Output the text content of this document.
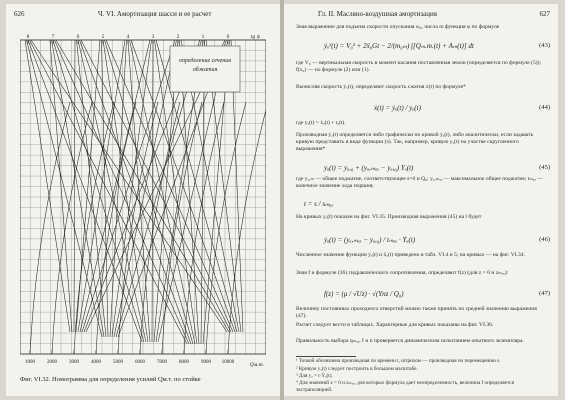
626	Ч. VI. Амортизация шасси и ее расчет
определение сечения
обжатия
8	7	6	5	4	3	2	1	0
1000 2000 3000 4000 5000 6000 7000 8000 9000 10000
tg ψ
Qм.т.
Фиг. VI.32. Номограмма для определения усилий Qм.т. по стойке
Гл. II. Масляно-воздушная амортизация	627
Зная выражение для подъема скорости опускания ω₀, числа m функция φ по формуле
ẏₐ²(t) = V₀² + 2ẍ₀Gt − 2/(m₀ₘ) ∫[Qₘ.т.(t) + Aₘ(t)] dt	(43)
где V₀ — вертикальная скорость в момент касания поставленная земли (определяется по формуле (5)); f(x₀) — по формуле (2) или (1).
Вычисляя скорость ẏₐ(t), определяют скорость сжатия ẋ(t) по формуле*
ẋ(t) = ẏₐ(t) / yₐ(t)	(44)
где yₐ(t) = ẋₐ(t) + tₐ(t).
Производная ẏₐ(t) определяется либо графически по кривой ẏₐ(t), либо аналитически, если задавать кривую представить в виде функции (з). Так, например, кривую yₐ(t) на участке скругленного выражения*
yₐ(t) = yₐ,₀ + (yₐ,ₘₐₓ − yₐ,₀) Yₐ(t)	(45)
где yₐ,ₘ — общее поджатие, соответствующее s=0 и Q₀; yₐ,ₘₐₓ — максимальное общее поджатие; tₘₐₓ — конечное значение хода поршня;
t = s / sₘₐₓ
На кривых yₐ(t) показан на фиг. VI.35. Производная выражения (45) на t будет
ẏₐ(t) = (yₐ,ₘₐₓ − yₐ,₀) / tₘₐₓ · Ẏₐ(t)	(46)
Численное значение функции ẏₐ(t) и ẍₐ(t) приведено в табл. VI.4 и 5; на кривых — на фиг. VI.34.
Зная f и формуле (36) гидравлического сопротивления, определяют f(z) (для z = 0 и zₘₐₓ):
f(z) = (μ / √Uz) · √(Ynz / Q₀)	(47)
Величину постоянных проходного отверстий можно также принять по средней значению выражения (47).
Расчет следует вести в таблицах. Характерные для кривых показаны на фиг. VI.36.
Правильность выбора qₘₐₓ, f и n проверяется динамическим испытанием опытного экземпляра.
¹ Точкой обозначена производная по времени t, штрихом — производная по перемещению s.
² Кривую yₐ(t) следует построить в большом масштабе.
³ Для yₐ = t·Ẏₐ(t).
⁴ Для значений z = 0 и zₘₐₓ, для которых формула дает неопределенность, величина f определяется экстраполяцией.
